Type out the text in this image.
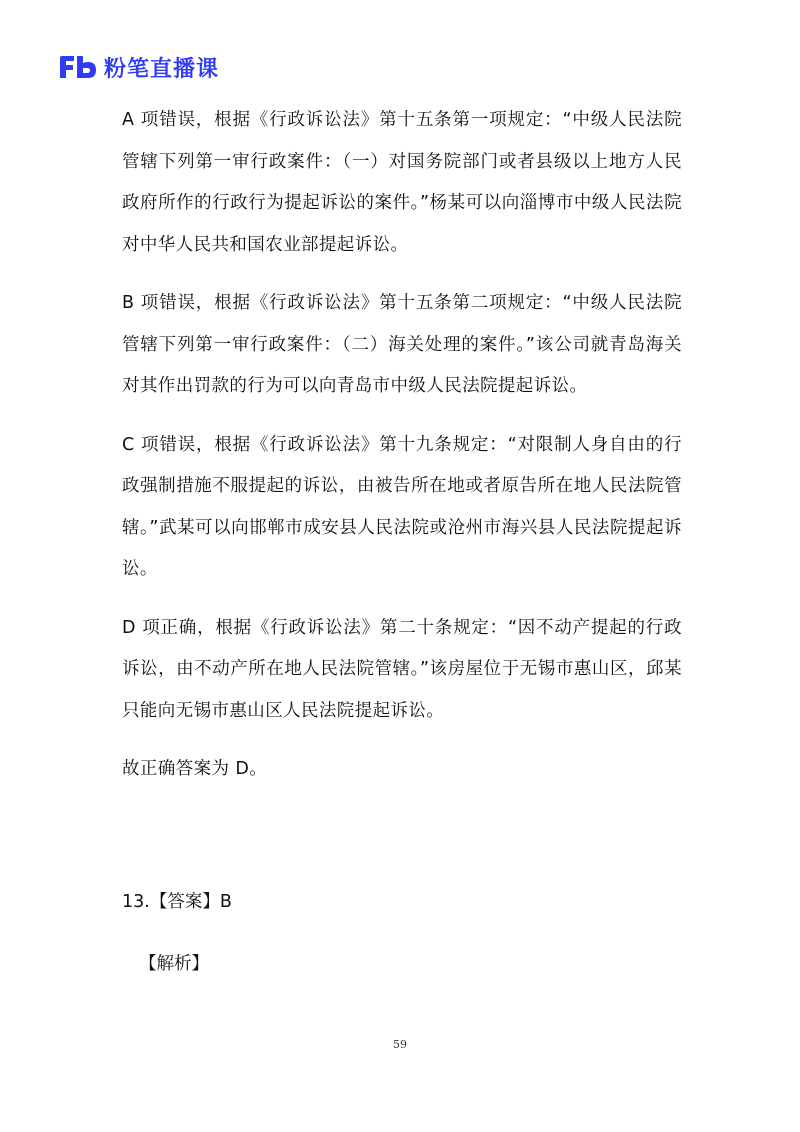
粉笔直播课

A 项错误，根据《行政诉讼法》第十五条第一项规定：“中级人民法院管辖下列第一审行政案件：（一）对国务院部门或者县级以上地方人民政府所作的行政行为提起诉讼的案件。”杨某可以向淄博市中级人民法院对中华人民共和国农业部提起诉讼。

B 项错误，根据《行政诉讼法》第十五条第二项规定：“中级人民法院管辖下列第一审行政案件：（二）海关处理的案件。”该公司就青岛海关对其作出罚款的行为可以向青岛市中级人民法院提起诉讼。

C 项错误，根据《行政诉讼法》第十九条规定：“对限制人身自由的行政强制措施不服提起的诉讼，由被告所在地或者原告所在地人民法院管辖。”武某可以向邯郸市成安县人民法院或沧州市海兴县人民法院提起诉讼。

D 项正确，根据《行政诉讼法》第二十条规定：“因不动产提起的行政诉讼，由不动产所在地人民法院管辖。”该房屋位于无锡市惠山区，邱某只能向无锡市惠山区人民法院提起诉讼。

故正确答案为 D。

13.【答案】B
【解析】
59
